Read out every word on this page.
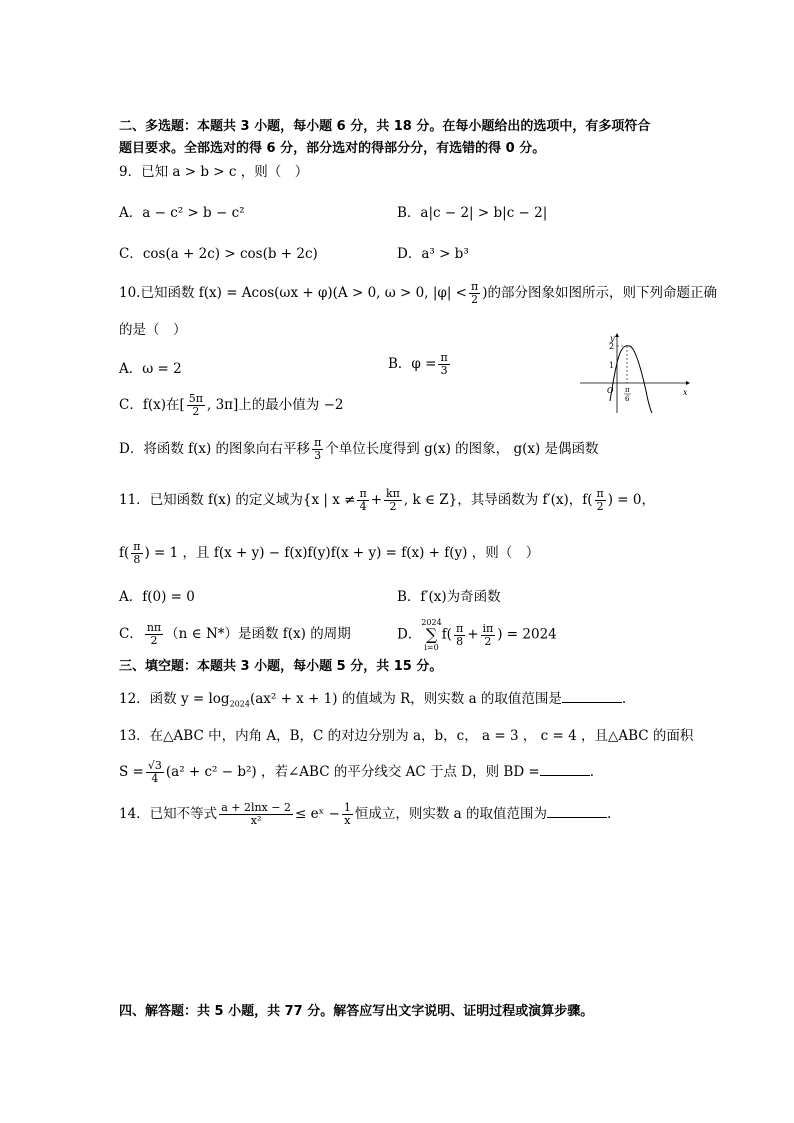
二、多选题：本题共 3 小题，每小题 6 分，共 18 分。在每小题给出的选项中，有多项符合
题目要求。全部选对的得 6 分，部分选对的得部分分，有选错的得 0 分。
9．已知 a > b > c ，则（　）
A．a − c² > b − c²	B．a|c − 2| > b|c − 2|
C．cos(a + 2c) > cos(b + 2c)	D．a³ > b³
10.已知函数 f(x) = Acos(ωx + φ)(A > 0, ω > 0, $|\varphi| < \frac{\pi}{2}$ )的部分图象如图所示，则下列命题正确
的是（　）
A．ω = 2	B．$\varphi = \frac{\pi}{3}$
C．f(x)在[ $\frac{5\pi}{2}$ , 3π]上的最小值为 −2
D．将函数 f(x) 的图象向右平移 $\frac{\pi}{3}$ 个单位长度得到 g(x) 的图象， g(x) 是偶函数
y
x
2
1
O π
6
11．已知函数 f(x) 的定义域为{x | $x \ne \frac{\pi}{4} + \frac{k\pi}{2}$ , k ∈ Z}，其导函数为 f′(x)，$f( \frac{\pi}{2}$ ) = 0，
$f( \frac{\pi}{8}$ ) = 1 ，且 f(x + y) − f(x)f(y)f(x + y) = f(x) + f(y) ，则（　）
A．f(0) = 0	B．f′(x)为奇函数
C． $\frac{n\pi}{2} (n$ ∈ N*）是函数 f(x) 的周期	D．
2024
∑
i=0
$f( \frac{\pi}{8} + \frac{i\pi}{2}$ ) = 2024
三、填空题：本题共 3 小题，每小题 5 分，共 15 分。
12．函数 $y = \log_{2024}(ax^2 + x + 1)$ 的值域为 R，则实数 a 的取值范围是	.
13．在△ABC 中，内角 A，B，C 的对边分别为 a，b，c， a = 3 ， c = 4 ，且△ABC 的面积
$S = \frac{√3}{4} (a^2 + c^2 - b^2)$ ，若∠ABC 的平分线交 AC 于点 D，则 BD =	.
14．已知不等式 $\frac{a + 2\ln x - 2}{\text{x²}}$ ≤ eˣ − $\frac{1}{x}$ 恒成立，则实数 a 的取值范围为	.
四、解答题：共 5 小题，共 77 分。解答应写出文字说明、证明过程或演算步骤。
